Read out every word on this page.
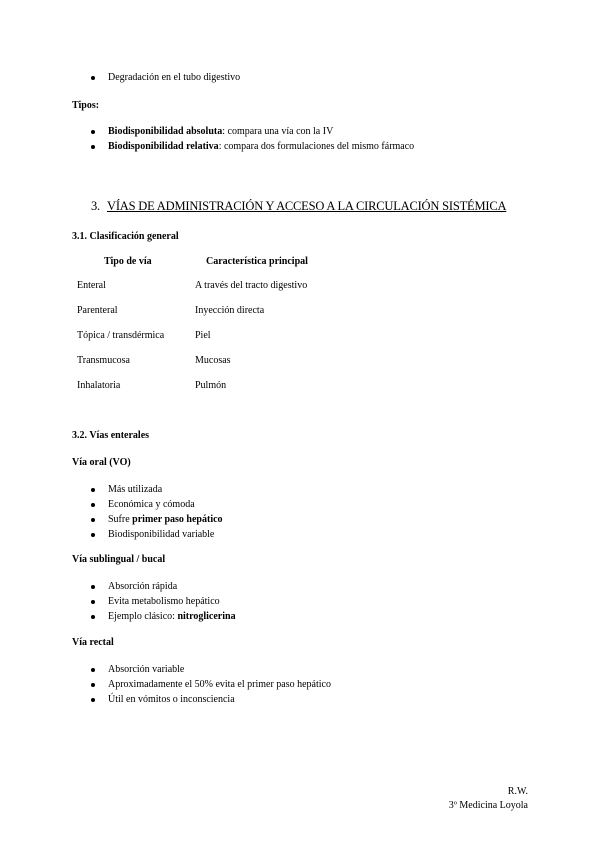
Degradación en el tubo digestivo
Tipos:
Biodisponibilidad absoluta: compara una vía con la IV
Biodisponibilidad relativa: compara dos formulaciones del mismo fármaco
3. VÍAS DE ADMINISTRACIÓN Y ACCESO A LA CIRCULACIÓN SISTÉMICA
3.1. Clasificación general
Tipo de vía	Característica principal
Enteral	A través del tracto digestivo
Parenteral	Inyección directa
Tópica / transdérmica	Piel
Transmucosa	Mucosas
Inhalatoria	Pulmón
3.2. Vías enterales
Vía oral (VO)
Más utilizada
Económica y cómoda
Sufre primer paso hepático
Biodisponibilidad variable
Vía sublingual / bucal
Absorción rápida
Evita metabolismo hepático
Ejemplo clásico: nitroglicerina
Vía rectal
Absorción variable
Aproximadamente el 50% evita el primer paso hepático
Útil en vómitos o inconsciencia
R.W.
3º Medicina Loyola
